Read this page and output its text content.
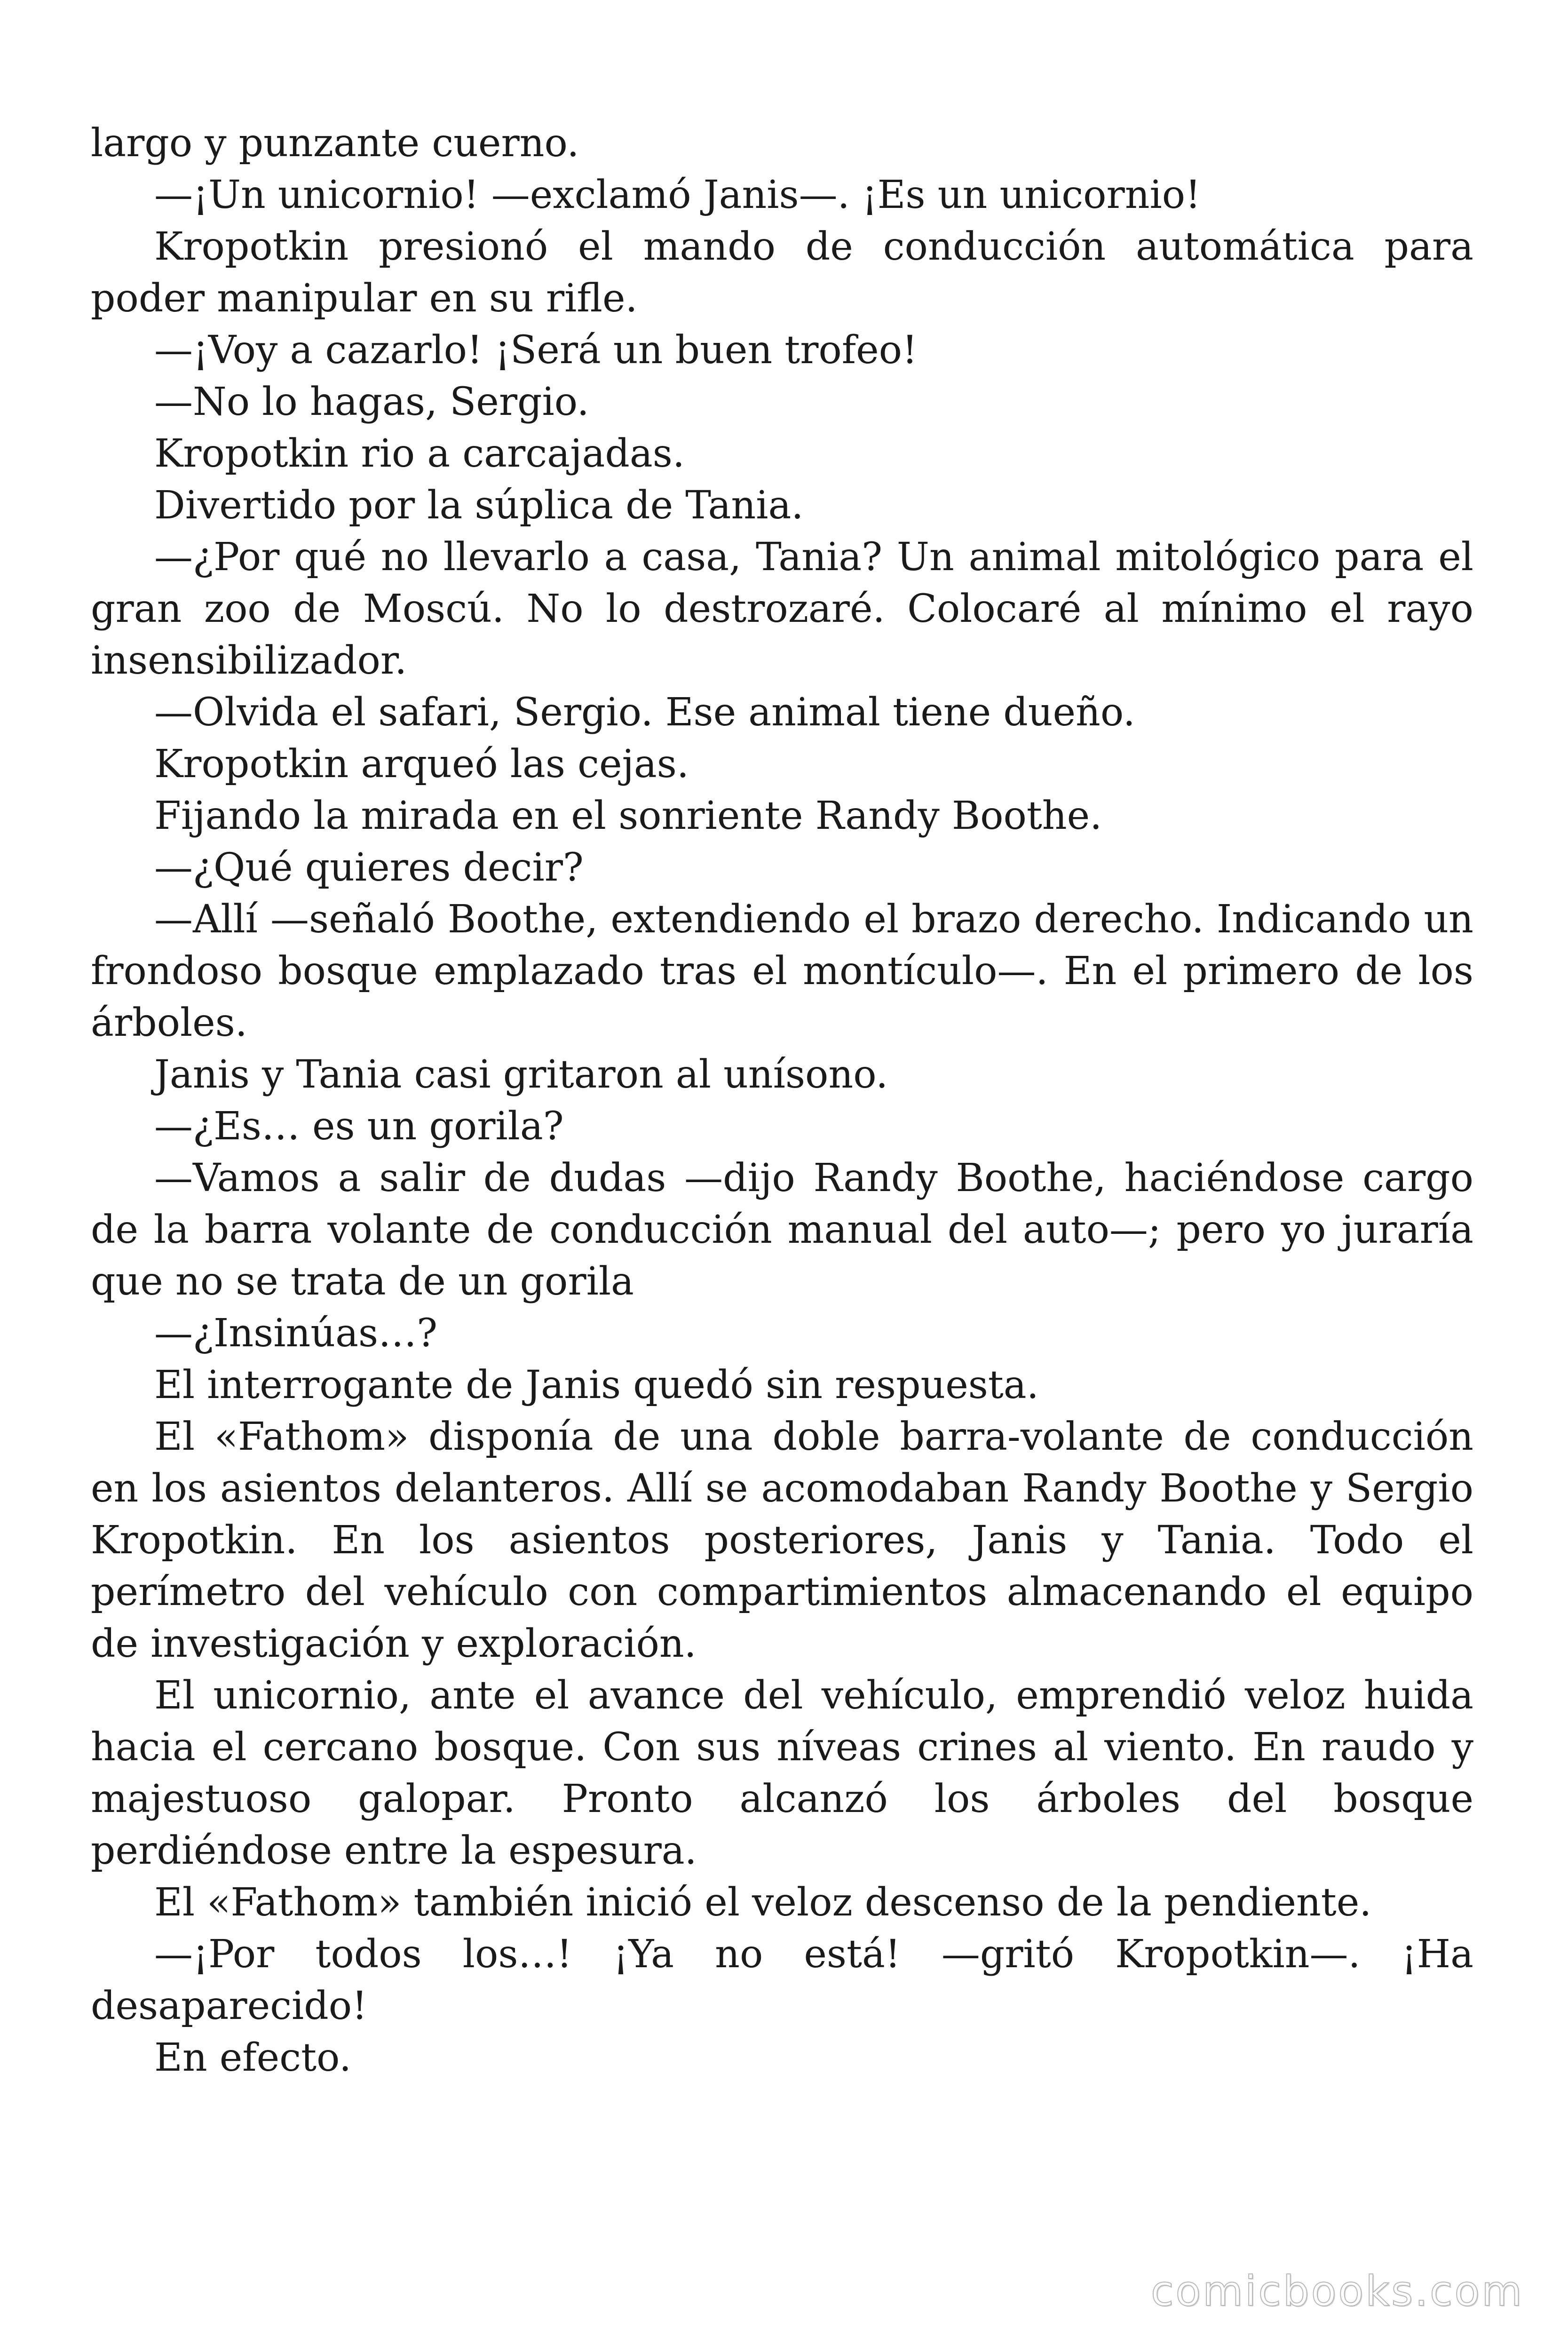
largo y punzante cuerno.

—¡Un unicornio! —exclamó Janis—. ¡Es un unicornio!

Kropotkin presionó el mando de conducción automática para poder manipular en su rifle.

—¡Voy a cazarlo! ¡Será un buen trofeo!

—No lo hagas, Sergio.

Kropotkin rio a carcajadas.

Divertido por la súplica de Tania.

—¿Por qué no llevarlo a casa, Tania? Un animal mitológico para el gran zoo de Moscú. No lo destrozaré. Colocaré al mínimo el rayo insensibilizador.

—Olvida el safari, Sergio. Ese animal tiene dueño.

Kropotkin arqueó las cejas.

Fijando la mirada en el sonriente Randy Boothe.

—¿Qué quieres decir?

—Allí —señaló Boothe, extendiendo el brazo derecho. Indicando un frondoso bosque emplazado tras el montículo—. En el primero de los árboles.

Janis y Tania casi gritaron al unísono.

—¿Es… es un gorila?

—Vamos a salir de dudas —dijo Randy Boothe, haciéndose cargo de la barra volante de conducción manual del auto—; pero yo juraría que no se trata de un gorila

—¿Insinúas…?

El interrogante de Janis quedó sin respuesta.

El «Fathom» disponía de una doble barra-volante de conducción en los asientos delanteros. Allí se acomodaban Randy Boothe y Sergio Kropotkin. En los asientos posteriores, Janis y Tania. Todo el perímetro del vehículo con compartimientos almacenando el equipo de investigación y exploración.

El unicornio, ante el avance del vehículo, emprendió veloz huida hacia el cercano bosque. Con sus níveas crines al viento. En raudo y majestuoso galopar. Pronto alcanzó los árboles del bosque perdiéndose entre la espesura.

El «Fathom» también inició el veloz descenso de la pendiente.

—¡Por todos los…! ¡Ya no está! —gritó Kropotkin—. ¡Ha desaparecido!

En efecto.

comicbooks.com
